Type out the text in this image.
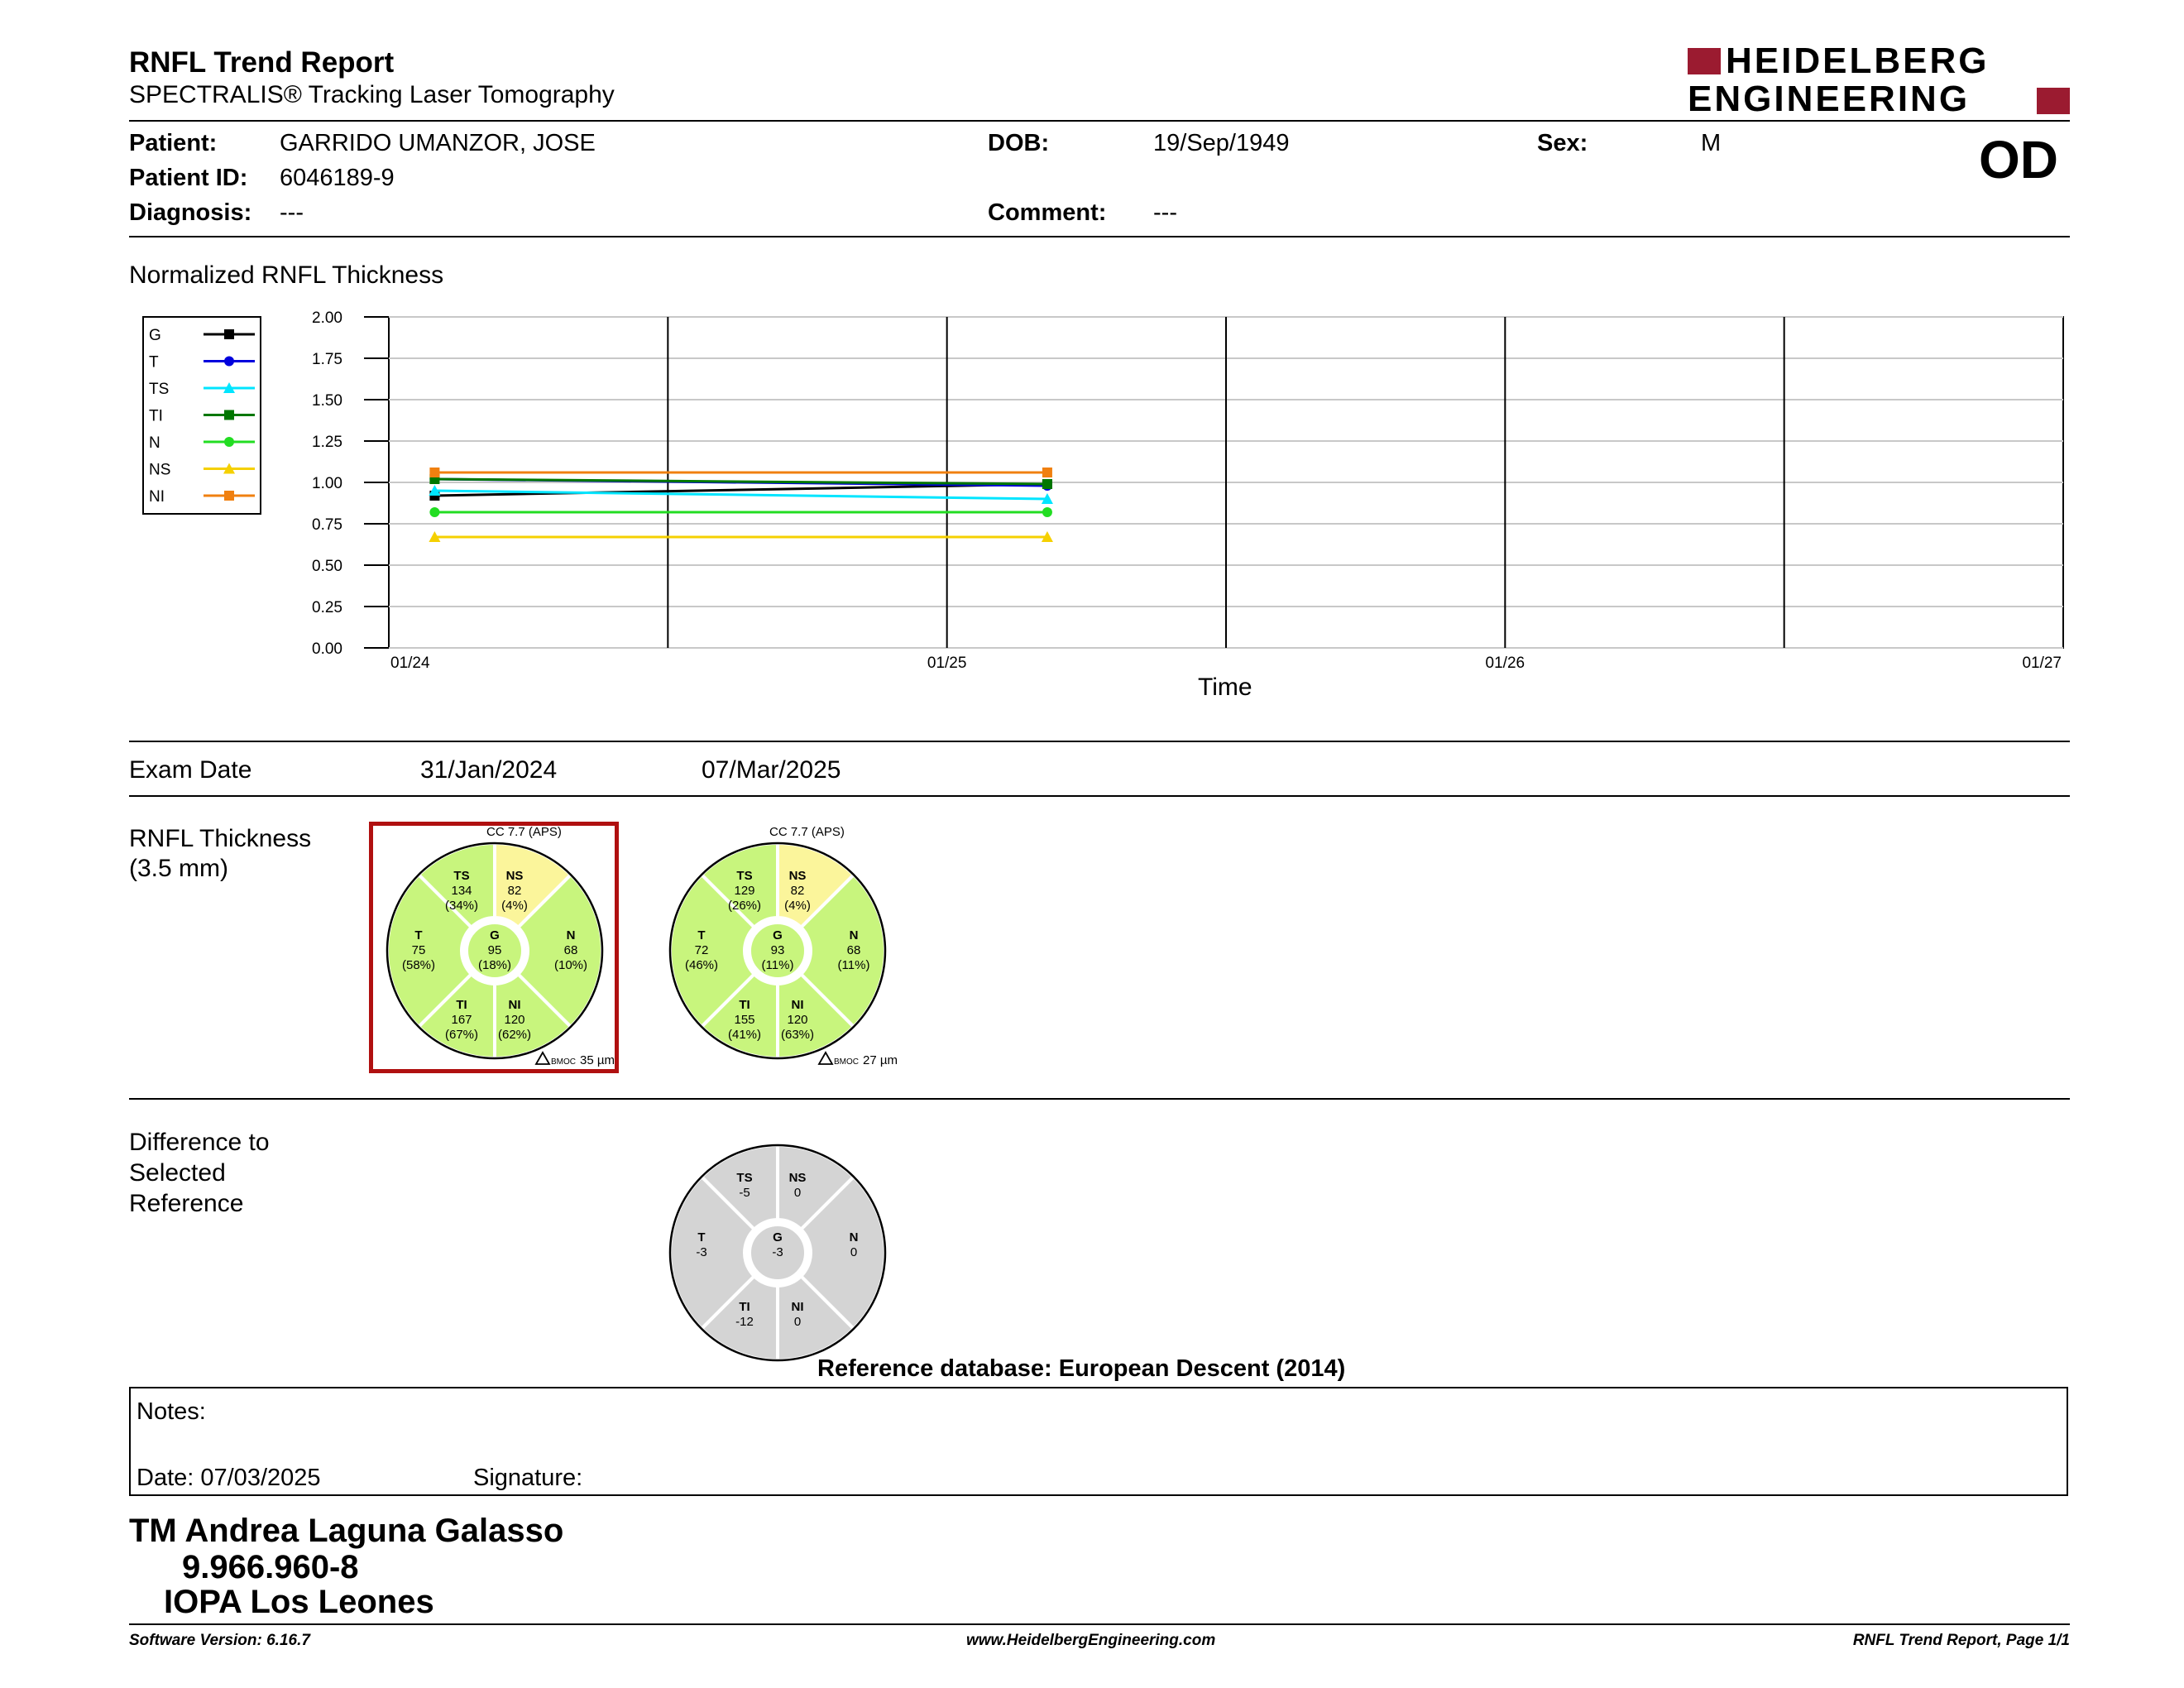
RNFL Trend Report
SPECTRALIS® Tracking Laser Tomography
HEIDELBERG
ENGINEERING
Patient:	GARRIDO UMANZOR, JOSE	DOB:	19/Sep/1949	Sex:	M	OD
Patient ID: 6046189-9
Diagnosis: ---	Comment: ---
Normalized RNFL Thickness
G
T
TS
TI
N
NS
NI
2.00
1.75
1.50
1.25
1.00
0.75
0.50
0.25
0.00
01/24	01/25	01/26	01/27
Time
Exam Date	31/Jan/2024	07/Mar/2025
RNFL Thickness
(3.5 mm)	TS
134
(34%)
NS
82
(4%)
T
75
(58%)
G
95
(18%)
N
68
(10%)
TI
167
(67%)
NI
120
(62%)
CC 7.7 (APS)
BMOC 35 µm
TS
129
(26%)
NS
82
(4%)
T
72
(46%)
G
93
(11%)
N
68
(11%)
TI
155
(41%)
NI
120
(63%)
CC 7.7 (APS)
BMOC 27 µm
Difference to
Selected
Reference
TS
-5
NS
0
T
-3
G
-3
N
0
TI
-12
NI
0
Reference database: European Descent (2014)
Notes:
Date: 07/03/2025	Signature:
TM Andrea Laguna Galasso
9.966.960-8
IOPA Los Leones
Software Version: 6.16.7	www.HeidelbergEngineering.com	RNFL Trend Report, Page 1/1
